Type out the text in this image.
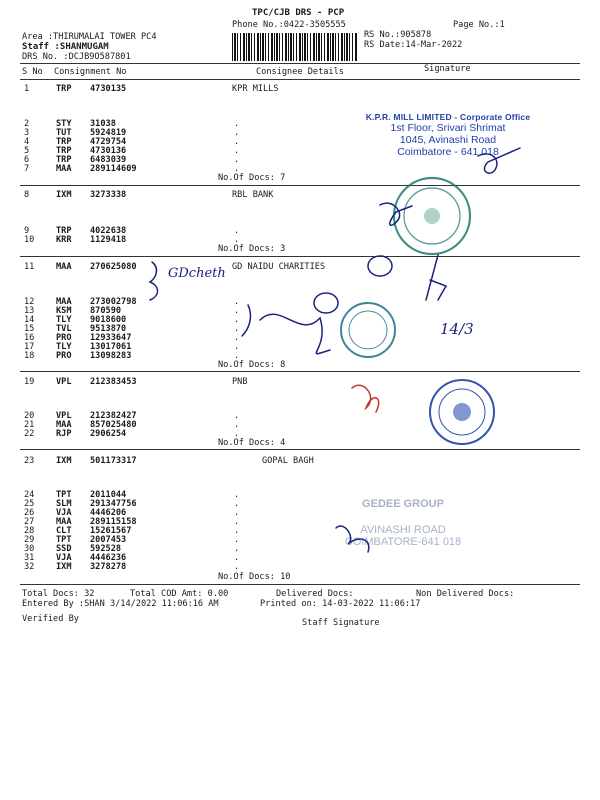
TPC/CJB DRS - PCP
Phone No.:0422-3505555	Page No.:1
Area :THIRUMALAI TOWER PC4
Staff :SHANMUGAM
DRS No. :DCJB9O587801
RS No.:905878
RS Date:14-Mar-2022
S No Consignment No	Consignee Details	Signature
1	TRP 4730135	KPR MILLS
2	STY 31038	.
3	TUT 5924819	.
4	TRP 4729754	.
5	TRP 4730136	.
6	TRP 6483039	.
7	MAA 289114609	.
No.Of Docs: 7
8	IXM 3273338	RBL BANK
9	TRP 4022638	.
10	KRR 1129418	.
No.Of Docs: 3
11	MAA 270625080	GD NAIDU CHARITIES
12	MAA 273002798	.
13	KSM 870590	.
14	TLY 9018600	.
15	TVL 9513870	.
16	PRO 12933647	.
17	TLY 13017061	.
18	PRO 13098283	.
No.Of Docs: 8
19	VPL 212383453	PNB
20	VPL 212382427	.
21	MAA 857025480	.
22	RJP 2906254	.
No.Of Docs: 4
23	IXM 501173317	GOPAL BAGH
24	TPT 2011044	.
25	SLM 291347756	.
26	VJA 4446206	.
27	MAA 289115158	.
28	CLT 15261567	.
29	TPT 2007453	.
30	SSD 592528	.
31	VJA 4446236	.
32	IXM 3278278	.
No.Of Docs: 10
Total Docs: 32	Total COD Amt: 0.00	Delivered Docs:	Non Delivered Docs:
Entered By :SHAN 3/14/2022 11:06:16 AM	Printed on: 14-03-2022 11:06:17
Verified By	Staff Signature
K.P.R. MILL LIMITED - Corporate Office
1st Floor, Srivari Shrimat
1045, Avinashi Road
Coimbatore - 641 018
GEDEE GROUP
AVINASHI ROAD
COIMBATORE-641 018
GDcheth
14/3
